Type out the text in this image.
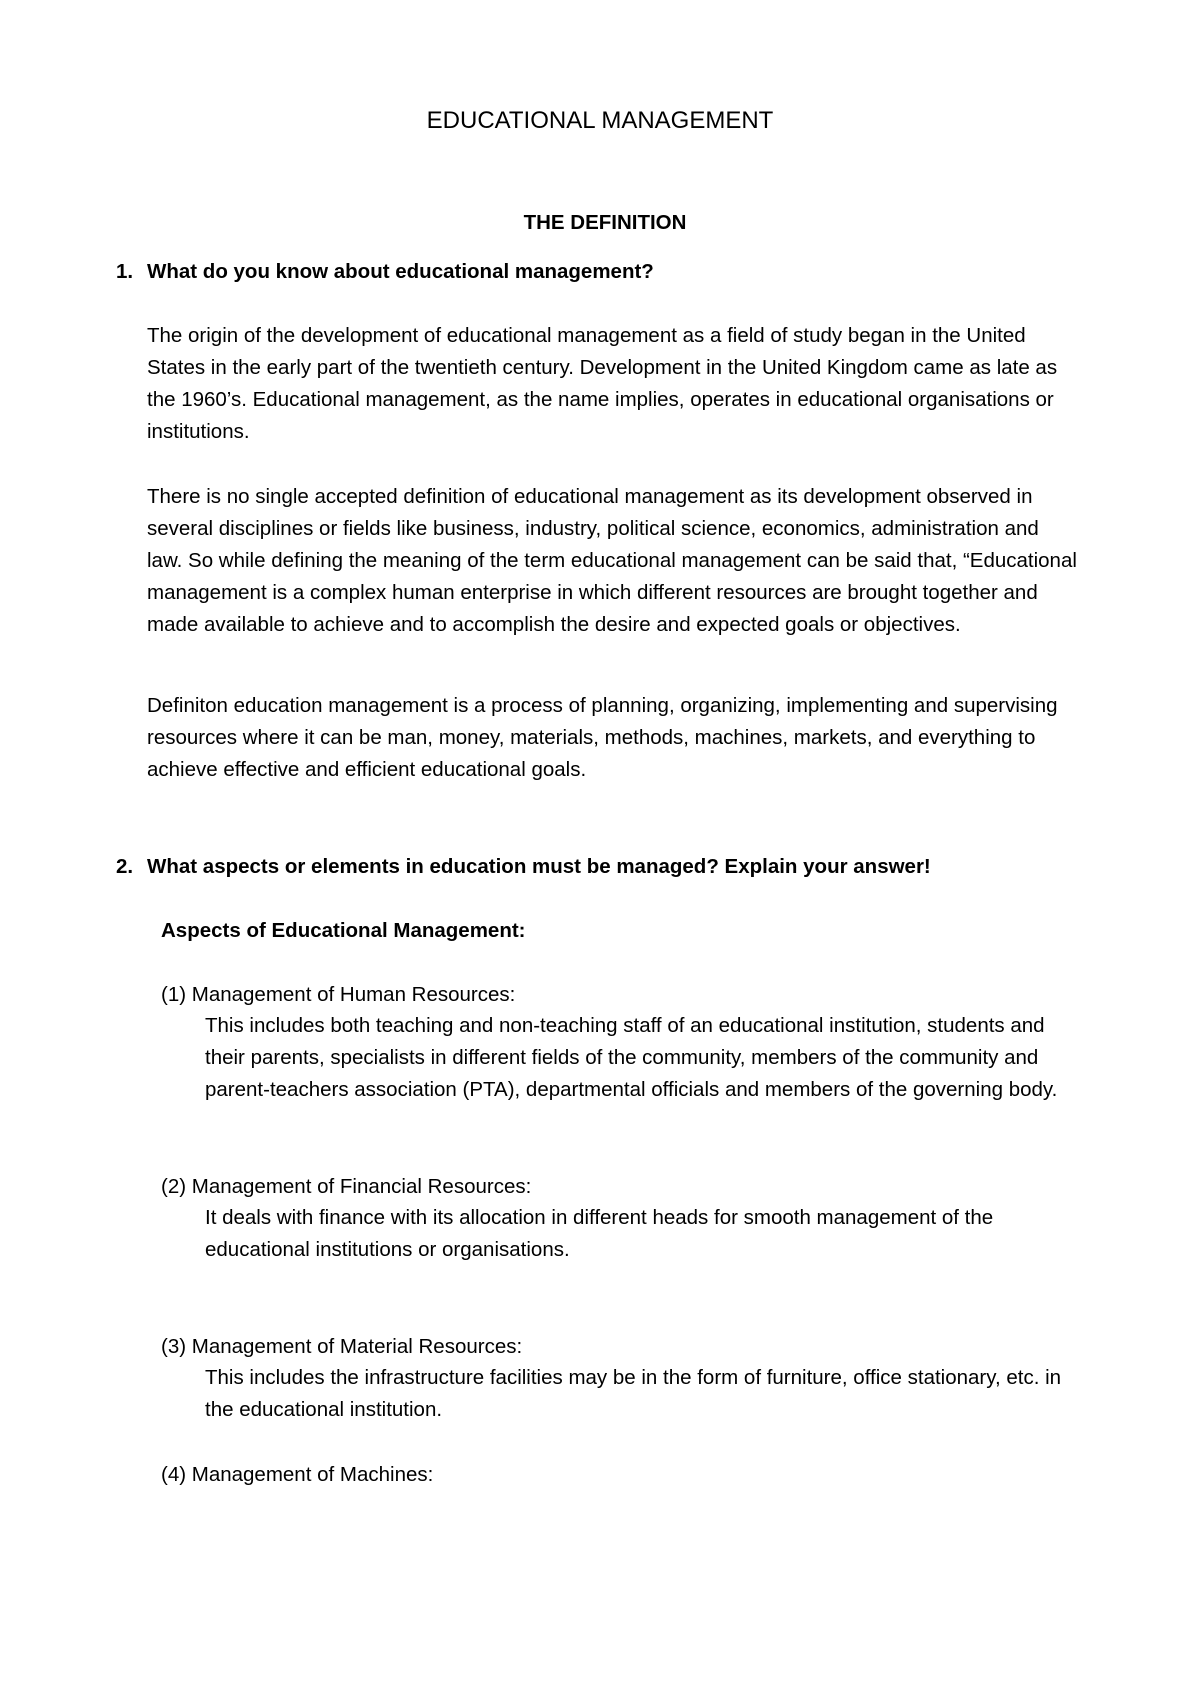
EDUCATIONAL MANAGEMENT
THE DEFINITION
1. What do you know about educational management?

The origin of the development of educational management as a field of study began in the United States in the early part of the twentieth century. Development in the United Kingdom came as late as the 1960’s. Educational management, as the name implies, operates in educational organisations or institutions.

There is no single accepted definition of educational management as its development observed in several disciplines or fields like business, industry, political science, economics, administration and law. So while defining the meaning of the term educational management can be said that, “Educational management is a complex human enterprise in which different resources are brought together and made available to achieve and to accomplish the desire and expected goals or objectives.

Definiton education management is a process of planning, organizing, implementing and supervising resources where it can be man, money, materials, methods, machines, markets, and everything to achieve effective and efficient educational goals.

2. What aspects or elements in education must be managed? Explain your answer!
Aspects of Educational Management:
(1) Management of Human Resources:

This includes both teaching and non-teaching staff of an educational institution, students and their parents, specialists in different fields of the community, members of the community and parent-teachers association (PTA), departmental officials and members of the governing body.

(2) Management of Financial Resources:

It deals with finance with its allocation in different heads for smooth management of the educational institutions or organisations.

(3) Management of Material Resources:

This includes the infrastructure facilities may be in the form of furniture, office stationary, etc. in the educational institution.

(4) Management of Machines:
